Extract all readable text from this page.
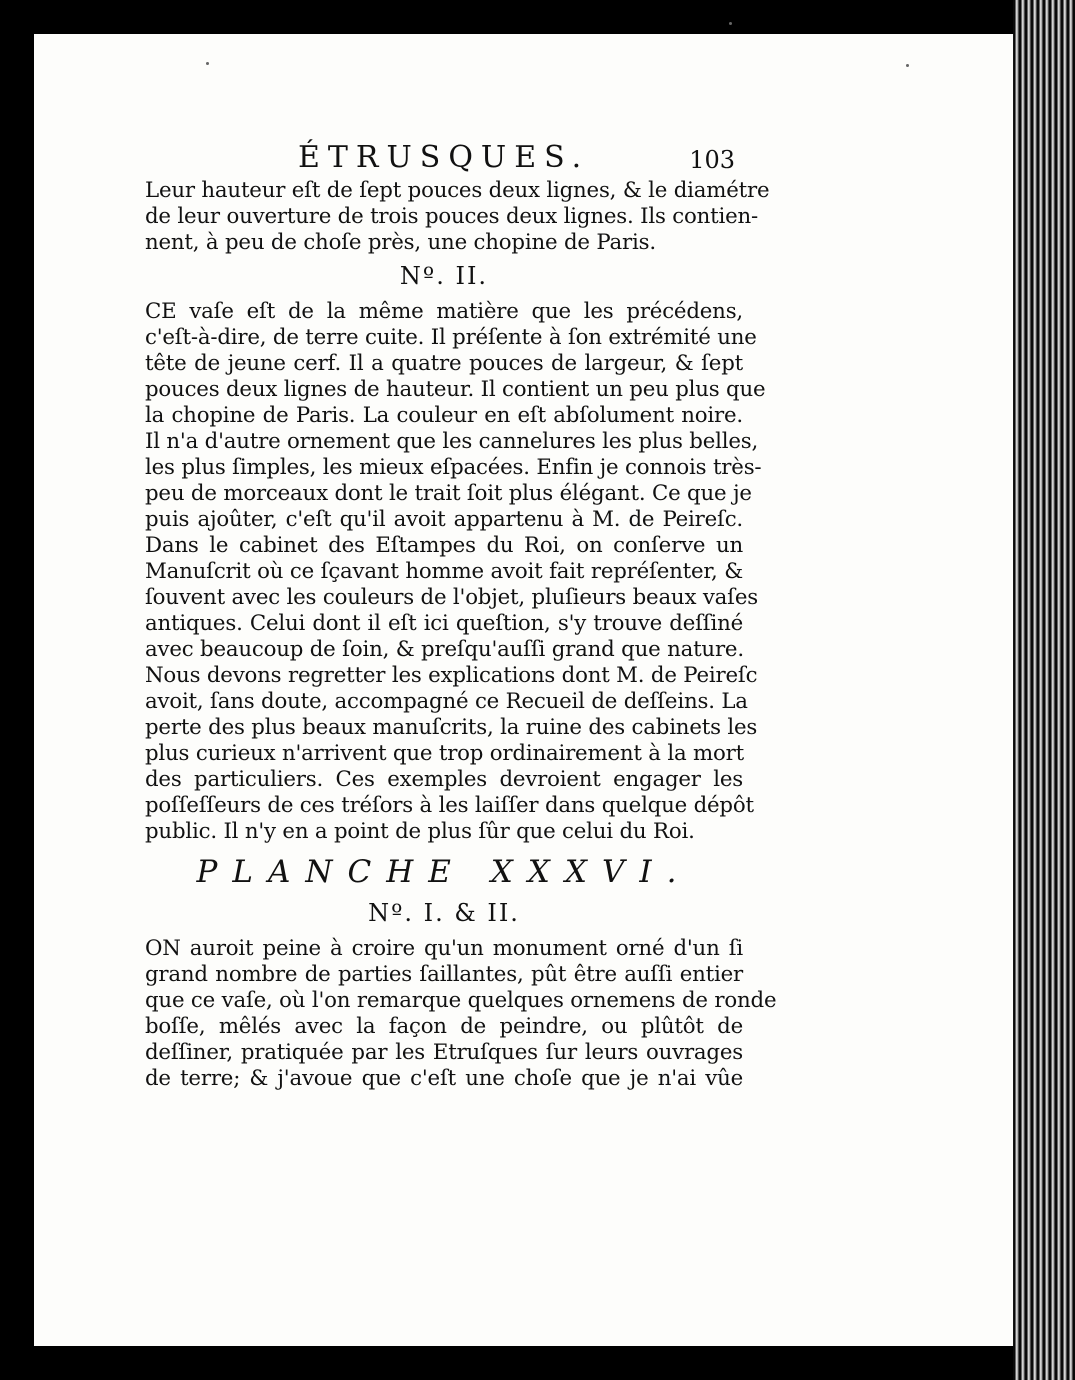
ÉTRUSQUES.	103
Leur hauteur eſt de ſept pouces deux lignes, & le diamétre
de leur ouverture de trois pouces deux lignes. Ils contien-
nent, à peu de choſe près, une chopine de Paris.
Nº. II.
CE vaſe eſt de la même matière que les précédens,
c'eſt-à-dire, de terre cuite. Il préſente à ſon extrémité une
tête de jeune cerf. Il a quatre pouces de largeur, & ſept
pouces deux lignes de hauteur. Il contient un peu plus que
la chopine de Paris. La couleur en eſt abſolument noire.
Il n'a d'autre ornement que les cannelures les plus belles,
les plus ſimples, les mieux eſpacées. Enfin je connois très-
peu de morceaux dont le trait ſoit plus élégant. Ce que je
puis ajoûter, c'eſt qu'il avoit appartenu à M. de Peireſc.
Dans le cabinet des Eſtampes du Roi, on conſerve un
Manuſcrit où ce ſçavant homme avoit fait repréſenter, &
ſouvent avec les couleurs de l'objet, pluſieurs beaux vaſes
antiques. Celui dont il eſt ici queſtion, s'y trouve deſſiné
avec beaucoup de ſoin, & preſqu'auſſi grand que nature.
Nous devons regretter les explications dont M. de Peireſc
avoit, ſans doute, accompagné ce Recueil de deſſeins. La
perte des plus beaux manuſcrits, la ruine des cabinets les
plus curieux n'arrivent que trop ordinairement à la mort
des particuliers. Ces exemples devroient engager les
poſſeſſeurs de ces tréſors à les laiſſer dans quelque dépôt
public. Il n'y en a point de plus ſûr que celui du Roi.
PLANCHE XXXVI.
Nº. I. & II.
ON auroit peine à croire qu'un monument orné d'un ſi
grand nombre de parties ſaillantes, pût être auſſi entier
que ce vaſe, où l'on remarque quelques ornemens de ronde
boſſe, mêlés avec la façon de peindre, ou plûtôt de
deſſiner, pratiquée par les Etruſques ſur leurs ouvrages
de terre; & j'avoue que c'eſt une choſe que je n'ai vûe
